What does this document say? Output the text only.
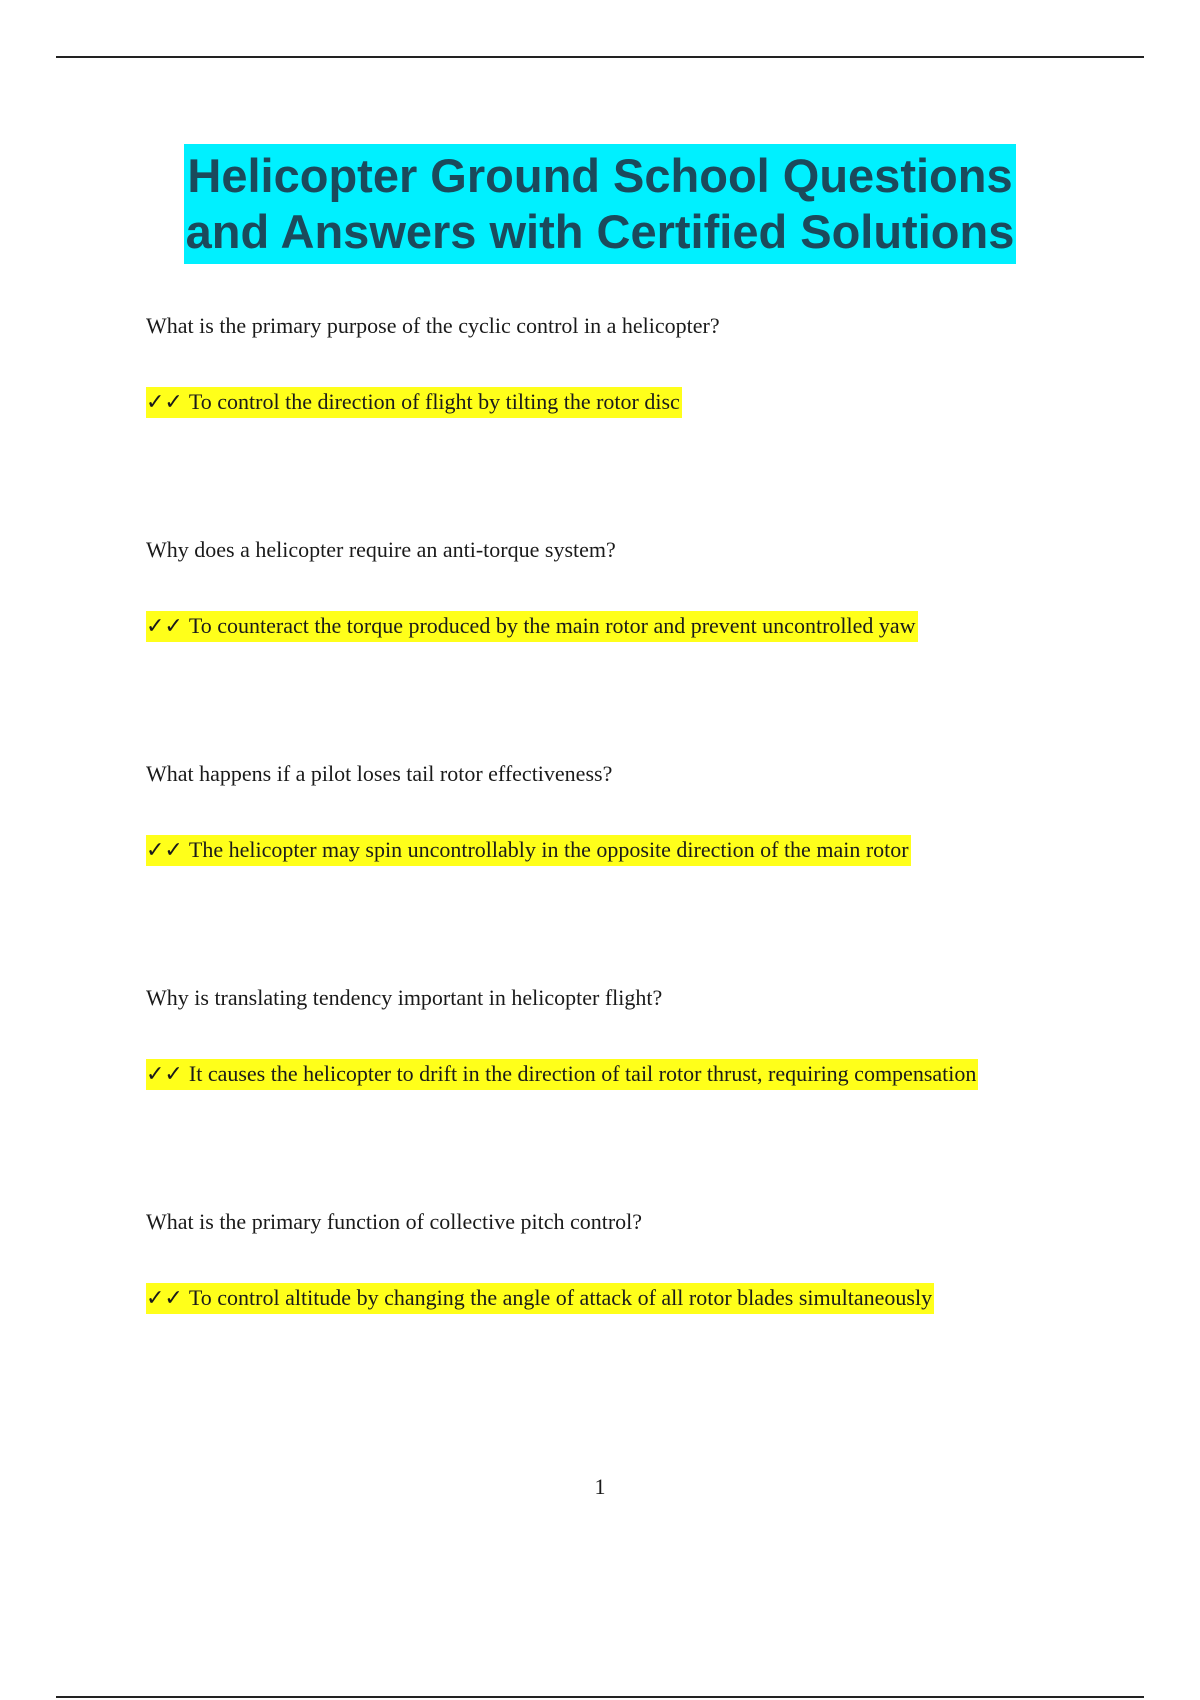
Helicopter Ground School Questions
and Answers with Certified Solutions
What is the primary purpose of the cyclic control in a helicopter?
✓✓ To control the direction of flight by tilting the rotor disc
Why does a helicopter require an anti-torque system?
✓✓ To counteract the torque produced by the main rotor and prevent uncontrolled yaw
What happens if a pilot loses tail rotor effectiveness?
✓✓ The helicopter may spin uncontrollably in the opposite direction of the main rotor
Why is translating tendency important in helicopter flight?
✓✓ It causes the helicopter to drift in the direction of tail rotor thrust, requiring compensation
What is the primary function of collective pitch control?
✓✓ To control altitude by changing the angle of attack of all rotor blades simultaneously
1
